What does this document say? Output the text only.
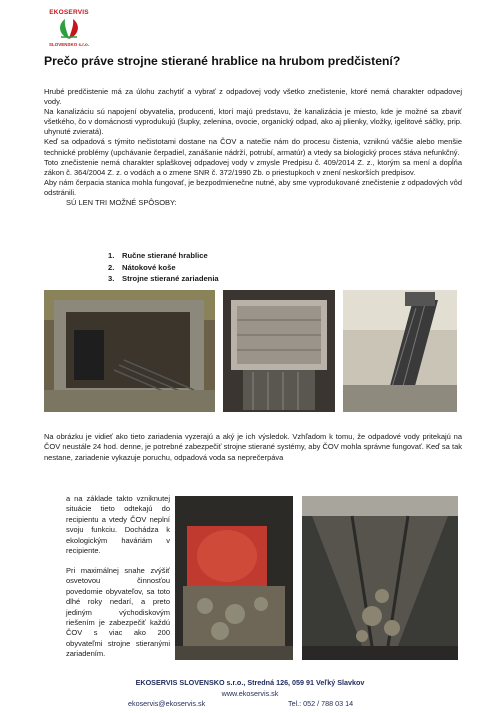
EKOSERVIS
SLOVENSKO s.r.o.
Prečo práve strojne stierané hrablice na hrubom predčistení?

Hrubé predčistenie má za úlohu zachytiť a vybrať z odpadovej vody všetko znečistenie, ktoré nemá charakter odpadovej vody.

Na kanalizáciu sú napojení obyvatelia, producenti, ktorí majú predstavu, že kanalizácia je miesto, kde je možné sa zbaviť všetkého, čo v domácnosti vyprodukujú (šupky, zelenina, ovocie, organický odpad, ako aj plienky, vložky, igelitové sáčky, prip. uhynuté zvieratá).

Keď sa odpadová s týmito nečistotami dostane na ČOV a natečie nám do procesu čistenia, vzniknú väčšie alebo menšie technické problémy (upchávanie čerpadiel, zanášanie nádrží, potrubí, armatúr) a vtedy sa biologický proces stáva nefunkčný.

Toto znečistenie nemá charakter splaškovej odpadovej vody v zmysle Predpisu č. 409/2014 Z. z., ktorým sa mení a dopĺňa zákon č. 364/2004 Z. z. o vodách a o zmene SNR č. 372/1990 Zb. o priestupkoch v znení neskorších predpisov.

Aby nám čerpacia stanica mohla fungovať, je bezpodmienečne nutné, aby sme vyprodukované znečistenie z odpadových vôd odstránili.

SÚ LEN TRI MOŽNÉ SPÔSOBY:

1. Ručne stierané hrablice
2. Nátokové koše
3. Strojne stierané zariadenia

Na obrázku je vidieť ako tieto zariadenia vyzerajú a aký je ich výsledok. Vzhľadom k tomu, že odpadové vody pritekajú na ČOV neustále 24 hod. denne, je potrebné zabezpečiť strojne stierané systémy, aby ČOV mohla správne fungovať. Keď sa tak nestane, zariadenie vykazuje poruchu, odpadová voda sa neprečerpáva

a na základe takto vzniknutej situácie tieto odtekajú do recipientu a vtedy ČOV neplní svoju funkciu. Dochádza k ekologickým haváriám v recipiente.

Pri maximálnej snahe zvýšiť osvetovou činnosťou povedomie obyvateľov, sa toto dlhé roky nedarí, a preto jediným východiskovým riešením je zabezpečiť každú ČOV s viac ako 200 obyvateľmi strojne stieranými zariadením.

EKOSERVIS SLOVENSKO s.r.o., Stredná 126, 059 91 Veľký Slavkov
www.ekoservis.sk
ekoservis@ekoservis.sk	Tel.: 052 / 788 03 14
